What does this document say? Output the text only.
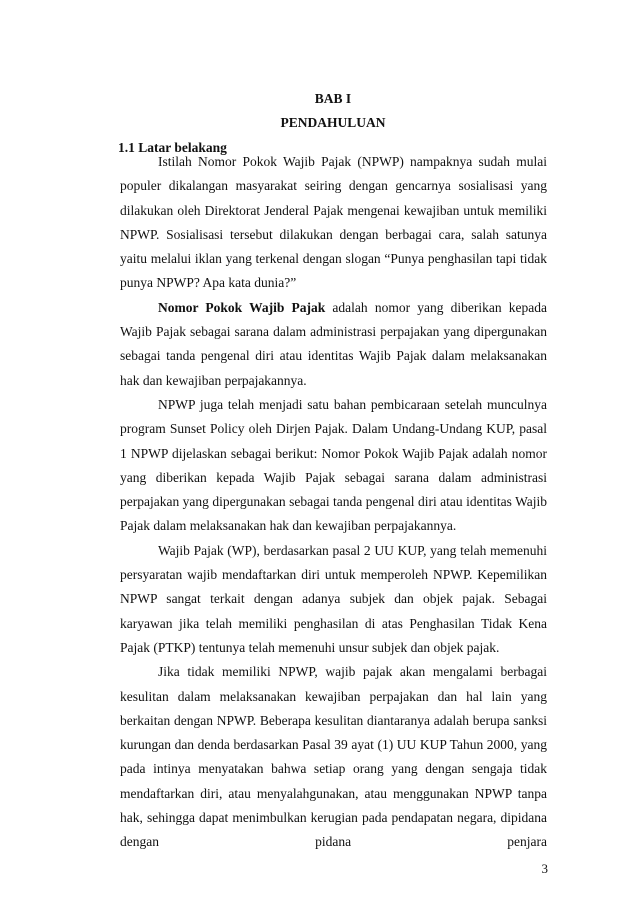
BAB I
PENDAHULUAN
1.1 Latar belakang

Istilah Nomor Pokok Wajib Pajak (NPWP) nampaknya sudah mulai populer dikalangan masyarakat seiring dengan gencarnya sosialisasi yang dilakukan oleh Direktorat Jenderal Pajak mengenai kewajiban untuk memiliki NPWP. Sosialisasi tersebut dilakukan dengan berbagai cara, salah satunya yaitu melalui iklan yang terkenal dengan slogan “Punya penghasilan tapi tidak punya NPWP? Apa kata dunia?”

Nomor Pokok Wajib Pajak adalah nomor yang diberikan kepada Wajib Pajak sebagai sarana dalam administrasi perpajakan yang dipergunakan sebagai tanda pengenal diri atau identitas Wajib Pajak dalam melaksanakan hak dan kewajiban perpajakannya.

NPWP juga telah menjadi satu bahan pembicaraan setelah munculnya program Sunset Policy oleh Dirjen Pajak. Dalam Undang-Undang KUP, pasal 1 NPWP dijelaskan sebagai berikut: Nomor Pokok Wajib Pajak adalah nomor yang diberikan kepada Wajib Pajak sebagai sarana dalam administrasi perpajakan yang dipergunakan sebagai tanda pengenal diri atau identitas Wajib Pajak dalam melaksanakan hak dan kewajiban perpajakannya.

Wajib Pajak (WP), berdasarkan pasal 2 UU KUP, yang telah memenuhi persyaratan wajib mendaftarkan diri untuk memperoleh NPWP. Kepemilikan NPWP sangat terkait dengan adanya subjek dan objek pajak. Sebagai karyawan jika telah memiliki penghasilan di atas Penghasilan Tidak Kena Pajak (PTKP) tentunya telah memenuhi unsur subjek dan objek pajak.

Jika tidak memiliki NPWP, wajib pajak akan mengalami berbagai kesulitan dalam melaksanakan kewajiban perpajakan dan hal lain yang berkaitan dengan NPWP. Beberapa kesulitan diantaranya adalah berupa sanksi kurungan dan denda berdasarkan Pasal 39 ayat (1) UU KUP Tahun 2000, yang pada intinya menyatakan bahwa setiap orang yang dengan sengaja tidak mendaftarkan diri, atau menyalahgunakan, atau menggunakan NPWP tanpa hak, sehingga dapat menimbulkan kerugian pada pendapatan negara, dipidana dengan pidana penjara

3
